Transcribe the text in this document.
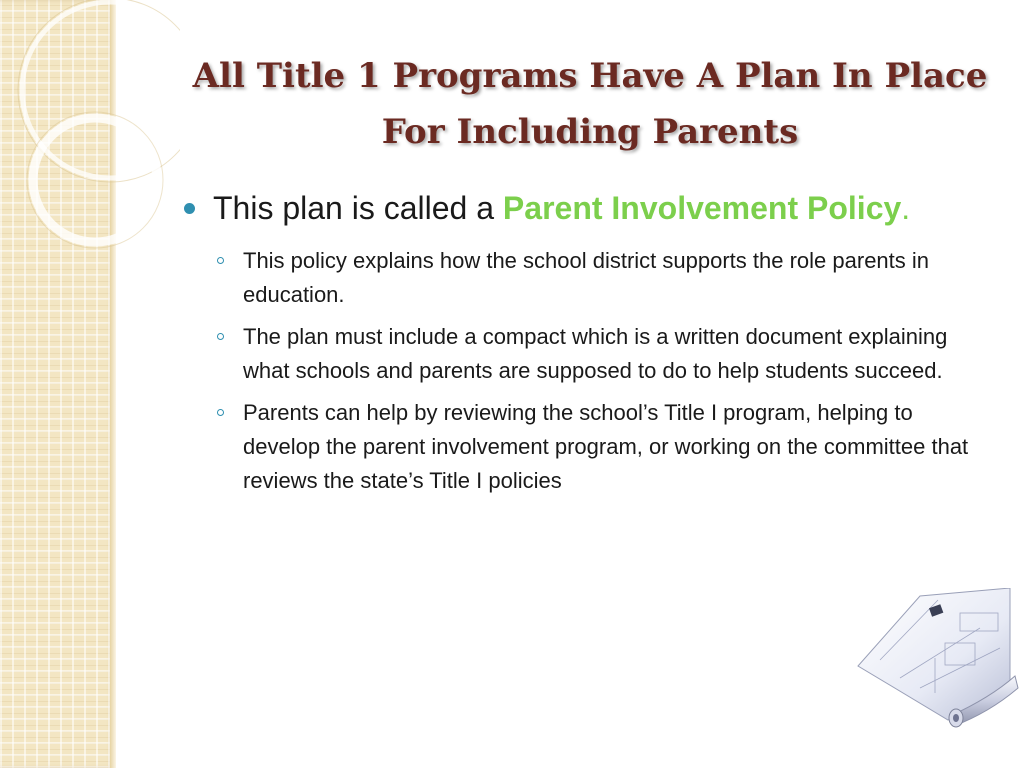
All Title 1 Programs Have A Plan In Place For Including Parents
This plan is called a Parent Involvement Policy.
This policy explains how the school district supports the role parents in education.
The plan must include a compact which is a written document explaining what schools and parents are supposed to do to help students succeed.
Parents can help by reviewing the school’s Title I program, helping to develop the parent involvement program, or working on the committee that reviews the state’s Title I policies
